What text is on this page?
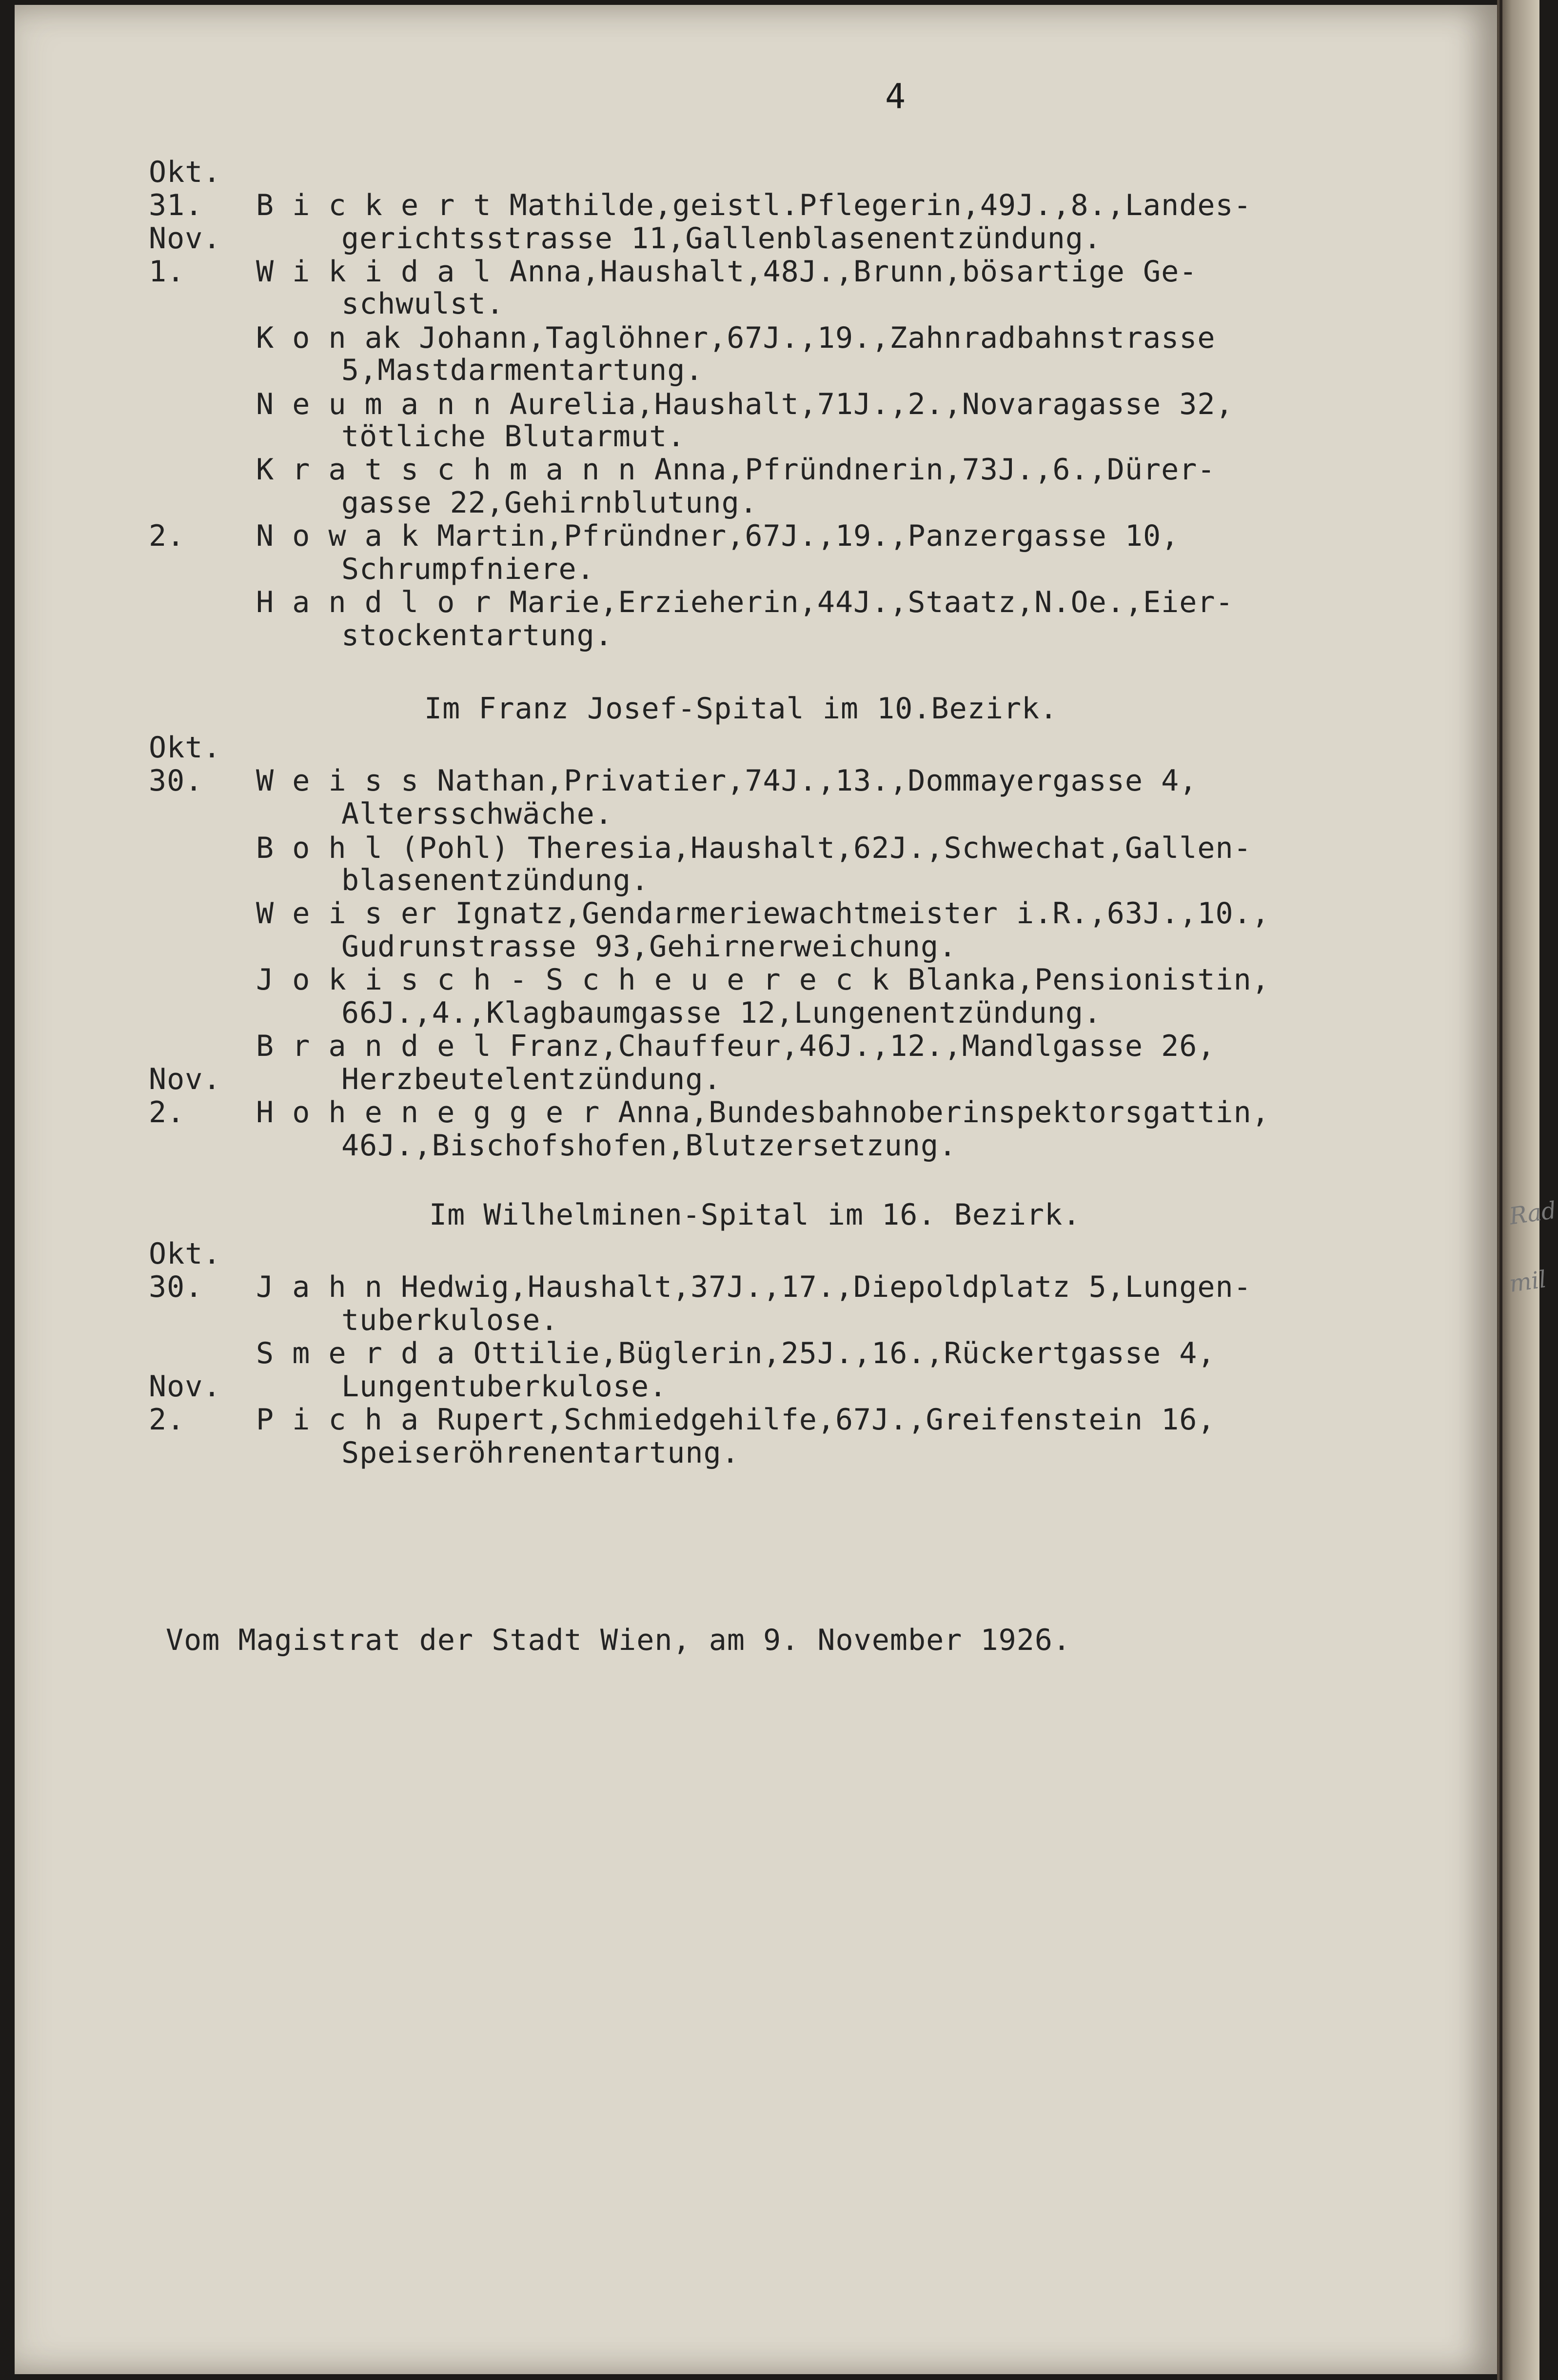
Rad
mil
4
Okt.
31.
Nov.
1.
2.
B i c k e r t Mathilde,geistl.Pflegerin,49J.,8.,Landes-
gerichtsstrasse 11,Gallenblasenentzündung.
W i k i d a l Anna,Haushalt,48J.,Brunn,bösartige Ge-
schwulst.
K o n ak Johann,Taglöhner,67J.,19.,Zahnradbahnstrasse
5,Mastdarmentartung.
N e u m a n n Aurelia,Haushalt,71J.,2.,Novaragasse 32,
tötliche Blutarmut.
K r a t s c h m a n n Anna,Pfründnerin,73J.,6.,Dürer-
gasse 22,Gehirnblutung.
N o w a k Martin,Pfründner,67J.,19.,Panzergasse 10,
Schrumpfniere.
H a n d l o r Marie,Erzieherin,44J.,Staatz,N.Oe.,Eier-
stockentartung.
Im Franz Josef-Spital im 10.Bezirk.
Okt.
30.
Nov.
2.
W e i s s Nathan,Privatier,74J.,13.,Dommayergasse 4,
Altersschwäche.
B o h l (Pohl) Theresia,Haushalt,62J.,Schwechat,Gallen-
blasenentzündung.
W e i s er Ignatz,Gendarmeriewachtmeister i.R.,63J.,10.,
Gudrunstrasse 93,Gehirnerweichung.
J o k i s c h - S c h e u e r e c k Blanka,Pensionistin,
66J.,4.,Klagbaumgasse 12,Lungenentzündung.
B r a n d e l Franz,Chauffeur,46J.,12.,Mandlgasse 26,
Herzbeutelentzündung.
H o h e n e g g e r Anna,Bundesbahnoberinspektorsgattin,
46J.,Bischofshofen,Blutzersetzung.
Im Wilhelminen-Spital im 16. Bezirk.
Okt.
30.
Nov.
2.
J a h n Hedwig,Haushalt,37J.,17.,Diepoldplatz 5,Lungen-
tuberkulose.
S m e r d a Ottilie,Büglerin,25J.,16.,Rückertgasse 4,
Lungentuberkulose.
P i c h a Rupert,Schmiedgehilfe,67J.,Greifenstein 16,
Speiseröhrenentartung.
Vom Magistrat der Stadt Wien, am 9. November 1926.
